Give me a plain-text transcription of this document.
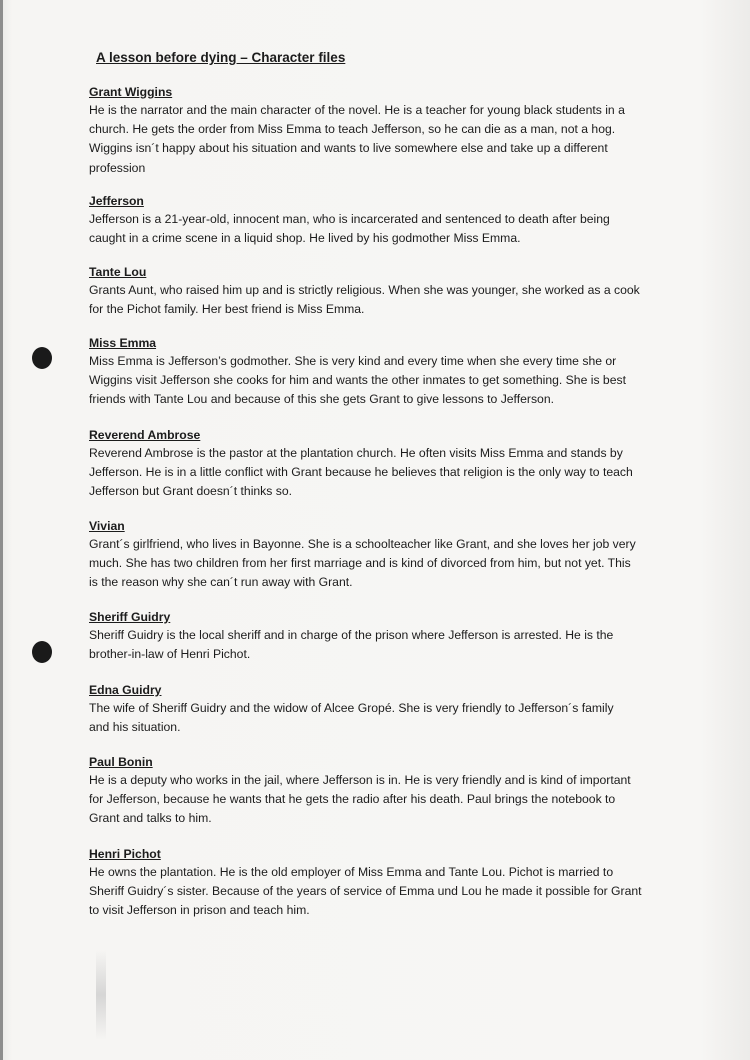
A lesson before dying – Character files
Grant Wiggins

He is the narrator and the main character of the novel. He is a teacher for young black students in a
church. He gets the order from Miss Emma to teach Jefferson, so he can die as a man, not a hog.
Wiggins isn´t happy about his situation and wants to live somewhere else and take up a different
profession

Jefferson

Jefferson is a 21-year-old, innocent man, who is incarcerated and sentenced to death after being
caught in a crime scene in a liquid shop. He lived by his godmother Miss Emma.

Tante Lou

Grants Aunt, who raised him up and is strictly religious. When she was younger, she worked as a cook
for the Pichot family. Her best friend is Miss Emma.

Miss Emma

Miss Emma is Jefferson’s godmother. She is very kind and every time when she every time she or
Wiggins visit Jefferson she cooks for him and wants the other inmates to get something. She is best
friends with Tante Lou and because of this she gets Grant to give lessons to Jefferson.

Reverend Ambrose

Reverend Ambrose is the pastor at the plantation church. He often visits Miss Emma and stands by
Jefferson. He is in a little conflict with Grant because he believes that religion is the only way to teach
Jefferson but Grant doesn´t thinks so.

Vivian

Grant´s girlfriend, who lives in Bayonne. She is a schoolteacher like Grant, and she loves her job very
much. She has two children from her first marriage and is kind of divorced from him, but not yet. This
is the reason why she can´t run away with Grant.

Sheriff Guidry

Sheriff Guidry is the local sheriff and in charge of the prison where Jefferson is arrested. He is the
brother-in-law of Henri Pichot.

Edna Guidry

The wife of Sheriff Guidry and the widow of Alcee Gropé. She is very friendly to Jefferson´s family
and his situation.

Paul Bonin

He is a deputy who works in the jail, where Jefferson is in. He is very friendly and is kind of important
for Jefferson, because he wants that he gets the radio after his death. Paul brings the notebook to
Grant and talks to him.

Henri Pichot

He owns the plantation. He is the old employer of Miss Emma and Tante Lou. Pichot is married to
Sheriff Guidry´s sister. Because of the years of service of Emma und Lou he made it possible for Grant
to visit Jefferson in prison and teach him.
